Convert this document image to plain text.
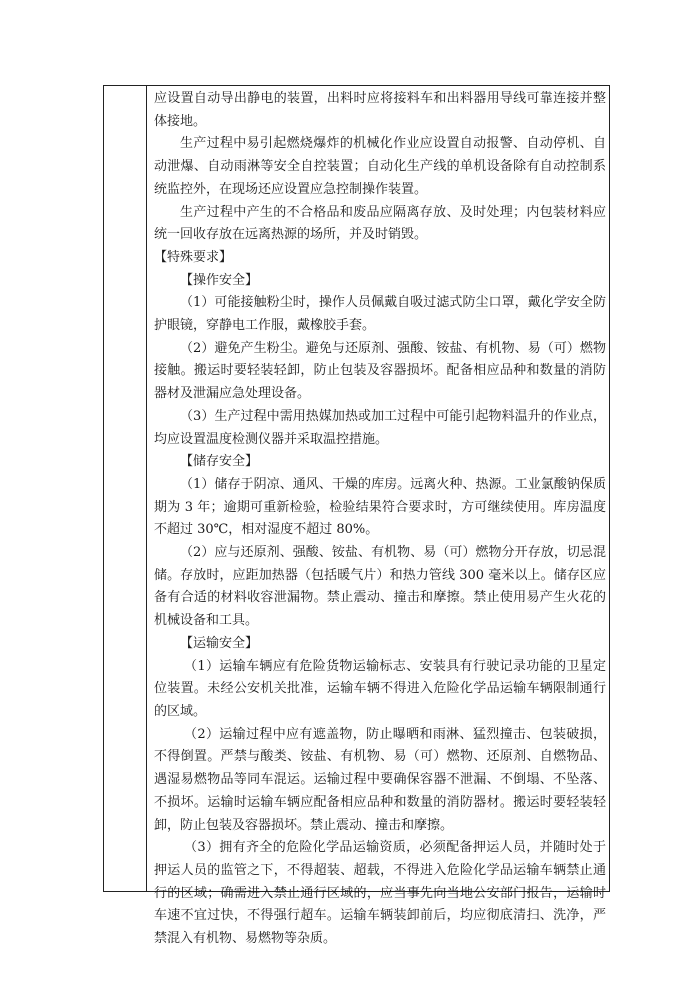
应设置自动导出静电的装置，出料时应将接料车和出料器用导线可靠连接并整体接地。

生产过程中易引起燃烧爆炸的机械化作业应设置自动报警、自动停机、自动泄爆、自动雨淋等安全自控装置；自动化生产线的单机设备除有自动控制系统监控外，在现场还应设置应急控制操作装置。

生产过程中产生的不合格品和废品应隔离存放、及时处理；内包装材料应统一回收存放在远离热源的场所，并及时销毁。

【特殊要求】

【操作安全】

（1）可能接触粉尘时，操作人员佩戴自吸过滤式防尘口罩，戴化学安全防护眼镜，穿静电工作服，戴橡胶手套。

（2）避免产生粉尘。避免与还原剂、强酸、铵盐、有机物、易（可）燃物接触。搬运时要轻装轻卸，防止包装及容器损坏。配备相应品种和数量的消防器材及泄漏应急处理设备。

（3）生产过程中需用热媒加热或加工过程中可能引起物料温升的作业点，均应设置温度检测仪器并采取温控措施。

【储存安全】

（1）储存于阴凉、通风、干燥的库房。远离火种、热源。工业氯酸钠保质期为 3 年；逾期可重新检验，检验结果符合要求时，方可继续使用。库房温度不超过 30℃，相对湿度不超过 80%。

（2）应与还原剂、强酸、铵盐、有机物、易（可）燃物分开存放，切忌混储。存放时，应距加热器（包括暖气片）和热力管线 300 毫米以上。储存区应备有合适的材料收容泄漏物。禁止震动、撞击和摩擦。禁止使用易产生火花的机械设备和工具。

【运输安全】

（1）运输车辆应有危险货物运输标志、安装具有行驶记录功能的卫星定位装置。未经公安机关批准，运输车辆不得进入危险化学品运输车辆限制通行的区域。

（2）运输过程中应有遮盖物，防止曝晒和雨淋、猛烈撞击、包装破损，不得倒置。严禁与酸类、铵盐、有机物、易（可）燃物、还原剂、自燃物品、遇湿易燃物品等同车混运。运输过程中要确保容器不泄漏、不倒塌、不坠落、不损坏。运输时运输车辆应配备相应品种和数量的消防器材。搬运时要轻装轻卸，防止包装及容器损坏。禁止震动、撞击和摩擦。

（3）拥有齐全的危险化学品运输资质，必须配备押运人员，并随时处于押运人员的监管之下，不得超装、超载，不得进入危险化学品运输车辆禁止通行的区域；确需进入禁止通行区域的，应当事先向当地公安部门报告，运输时车速不宜过快，不得强行超车。运输车辆装卸前后，均应彻底清扫、洗净，严禁混入有机物、易燃物等杂质。
